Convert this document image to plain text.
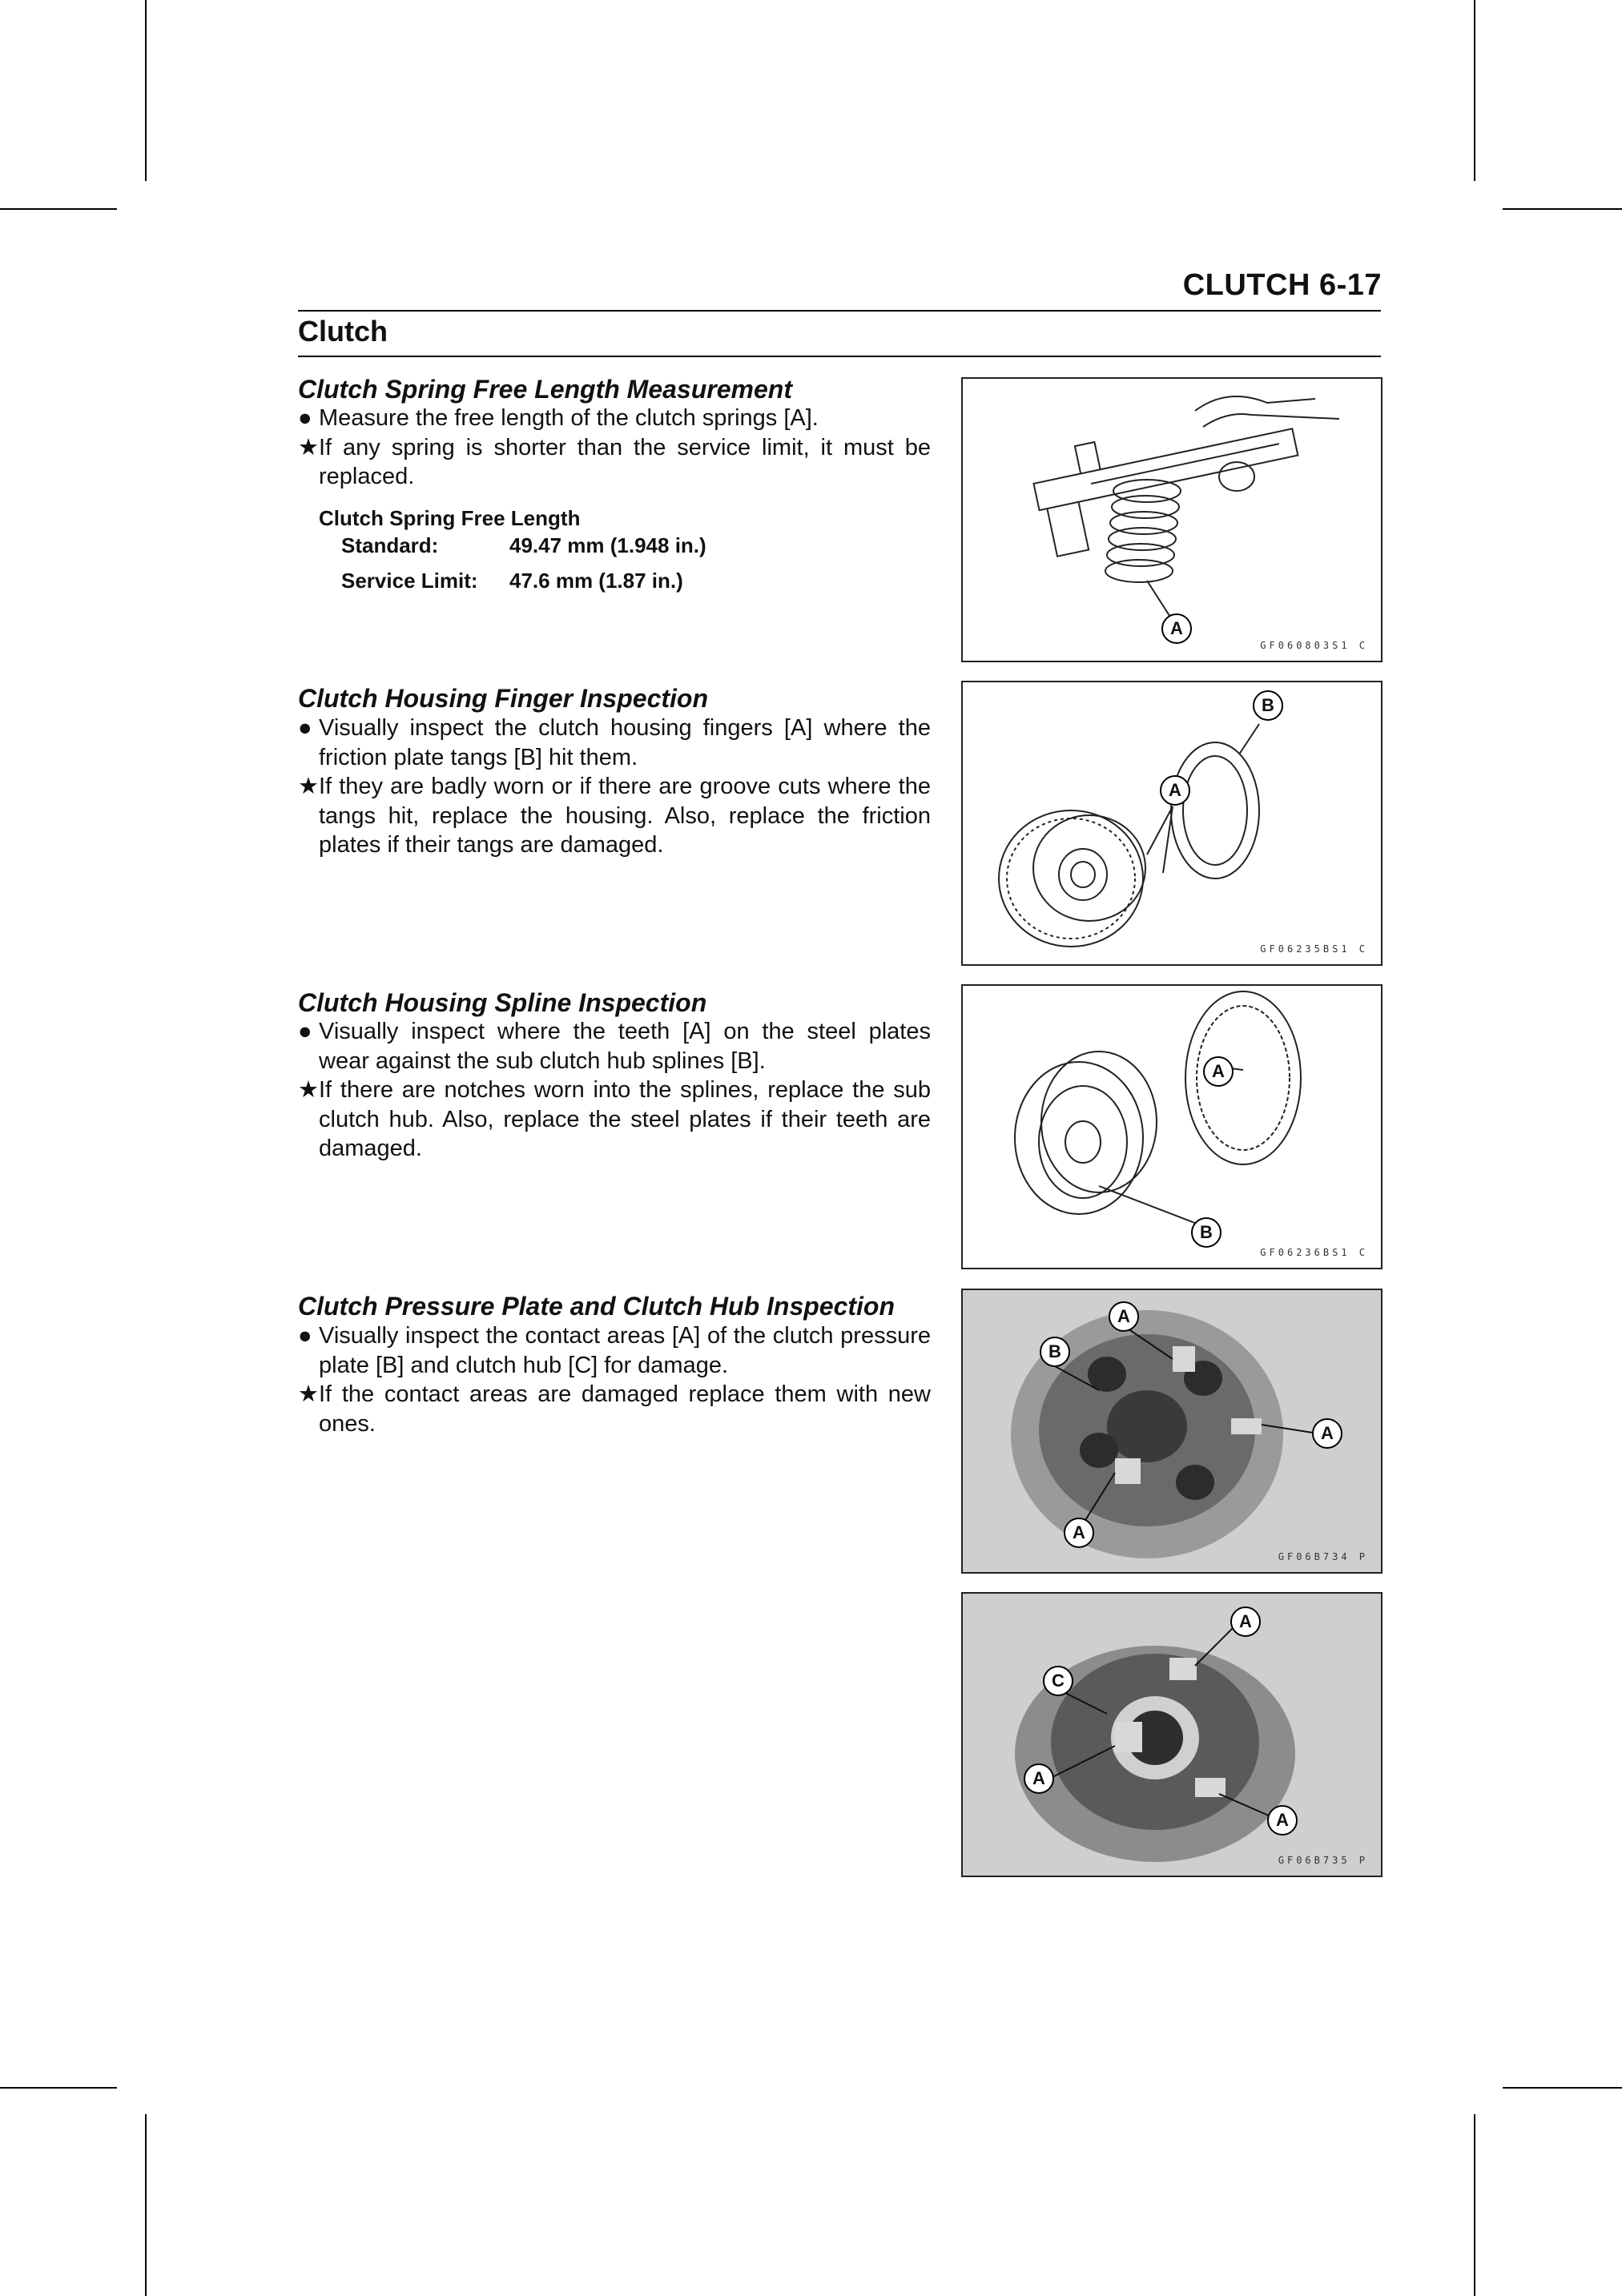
CLUTCH 6-17
Clutch
Clutch Spring Free Length Measurement
● Measure the free length of the clutch springs [A].
★ If any spring is shorter than the service limit, it must be replaced.
Clutch Spring Free Length
Standard:	49.47 mm (1.948 in.)
Service Limit: 47.6 mm (1.87 in.)
A
GF060803S1 C
Clutch Housing Finger Inspection
● Visually inspect the clutch housing fingers [A] where the friction plate tangs [B] hit them.
★ If they are badly worn or if there are groove cuts where the tangs hit, replace the housing. Also, replace the friction plates if their tangs are damaged.
B
A
GF06235BS1 C
Clutch Housing Spline Inspection
● Visually inspect where the teeth [A] on the steel plates wear against the sub clutch hub splines [B].
★ If there are notches worn into the splines, replace the sub clutch hub. Also, replace the steel plates if their teeth are damaged.
A
B
GF06236BS1 C
Clutch Pressure Plate and Clutch Hub Inspection
● Visually inspect the contact areas [A] of the clutch pressure plate [B] and clutch hub [C] for damage.
★ If the contact areas are damaged replace them with new ones.
A
B
A
A
GF06B734 P
A
C
A
A
GF06B735 P
